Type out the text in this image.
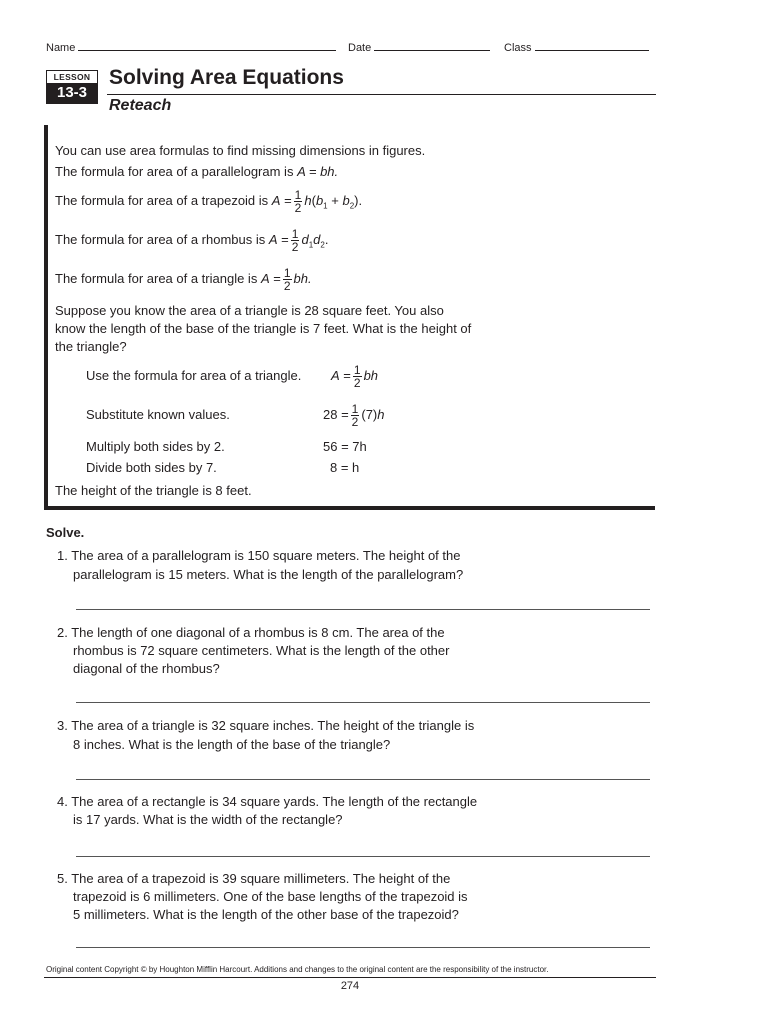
Name	Date	Class
LESSON
13-3
Solving Area Equations
Reteach
You can use area formulas to find missing dimensions in figures.
The formula for area of a parallelogram is A = bh.
The formula for area of a trapezoid is $A = \frac{1}{2} h(b_1 + b_2)$.
The formula for area of a rhombus is $A = \frac{1}{2} d_1d_2$.
The formula for area of a triangle is $A = \frac{1}{2}$ bh.
Suppose you know the area of a triangle is 28 square feet. You also
know the length of the base of the triangle is 7 feet. What is the height of
the triangle?
Use the formula for area of a triangle. $A = \frac{1}{2}$ bh
Substitute known values.	$28 = \frac{1}{2} (7)h$
Multiply both sides by 2.	56 = 7h
Divide both sides by 7.	8 = h
The height of the triangle is 8 feet.
Solve.
1. The area of a parallelogram is 150 square meters. The height of the
parallelogram is 15 meters. What is the length of the parallelogram?
2. The length of one diagonal of a rhombus is 8 cm. The area of the
rhombus is 72 square centimeters. What is the length of the other
diagonal of the rhombus?
3. The area of a triangle is 32 square inches. The height of the triangle is
8 inches. What is the length of the base of the triangle?
4. The area of a rectangle is 34 square yards. The length of the rectangle
is 17 yards. What is the width of the rectangle?
5. The area of a trapezoid is 39 square millimeters. The height of the
trapezoid is 6 millimeters. One of the base lengths of the trapezoid is
5 millimeters. What is the length of the other base of the trapezoid?
Original content Copyright © by Houghton Mifflin Harcourt. Additions and changes to the original content are the responsibility of the instructor.
274
